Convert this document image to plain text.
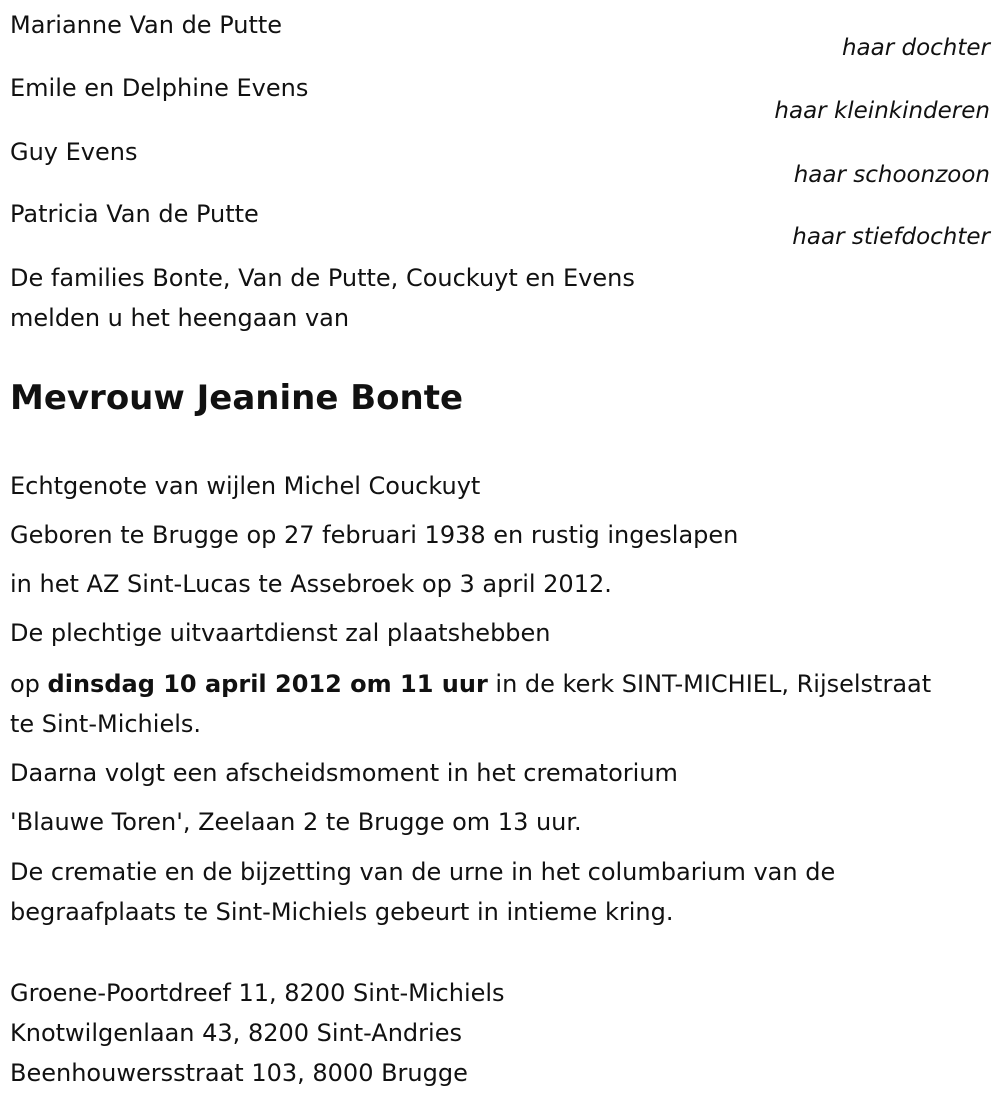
Marianne Van de Putte
haar dochter
Emile en Delphine Evens
haar kleinkinderen
Guy Evens
haar schoonzoon
Patricia Van de Putte
haar stiefdochter
De families Bonte, Van de Putte, Couckuyt en Evens
melden u het heengaan van
Mevrouw Jeanine Bonte
Echtgenote van wijlen Michel Couckuyt
Geboren te Brugge op 27 februari 1938 en rustig ingeslapen
in het AZ Sint-Lucas te Assebroek op 3 april 2012.
De plechtige uitvaartdienst zal plaatshebben
op dinsdag 10 april 2012 om 11 uur in de kerk SINT-MICHIEL, Rijselstraat
te Sint-Michiels.
Daarna volgt een afscheidsmoment in het crematorium
'Blauwe Toren', Zeelaan 2 te Brugge om 13 uur.
De crematie en de bijzetting van de urne in het columbarium van de
begraafplaats te Sint-Michiels gebeurt in intieme kring.
Groene-Poortdreef 11, 8200 Sint-Michiels
Knotwilgenlaan 43, 8200 Sint-Andries
Beenhouwersstraat 103, 8000 Brugge
